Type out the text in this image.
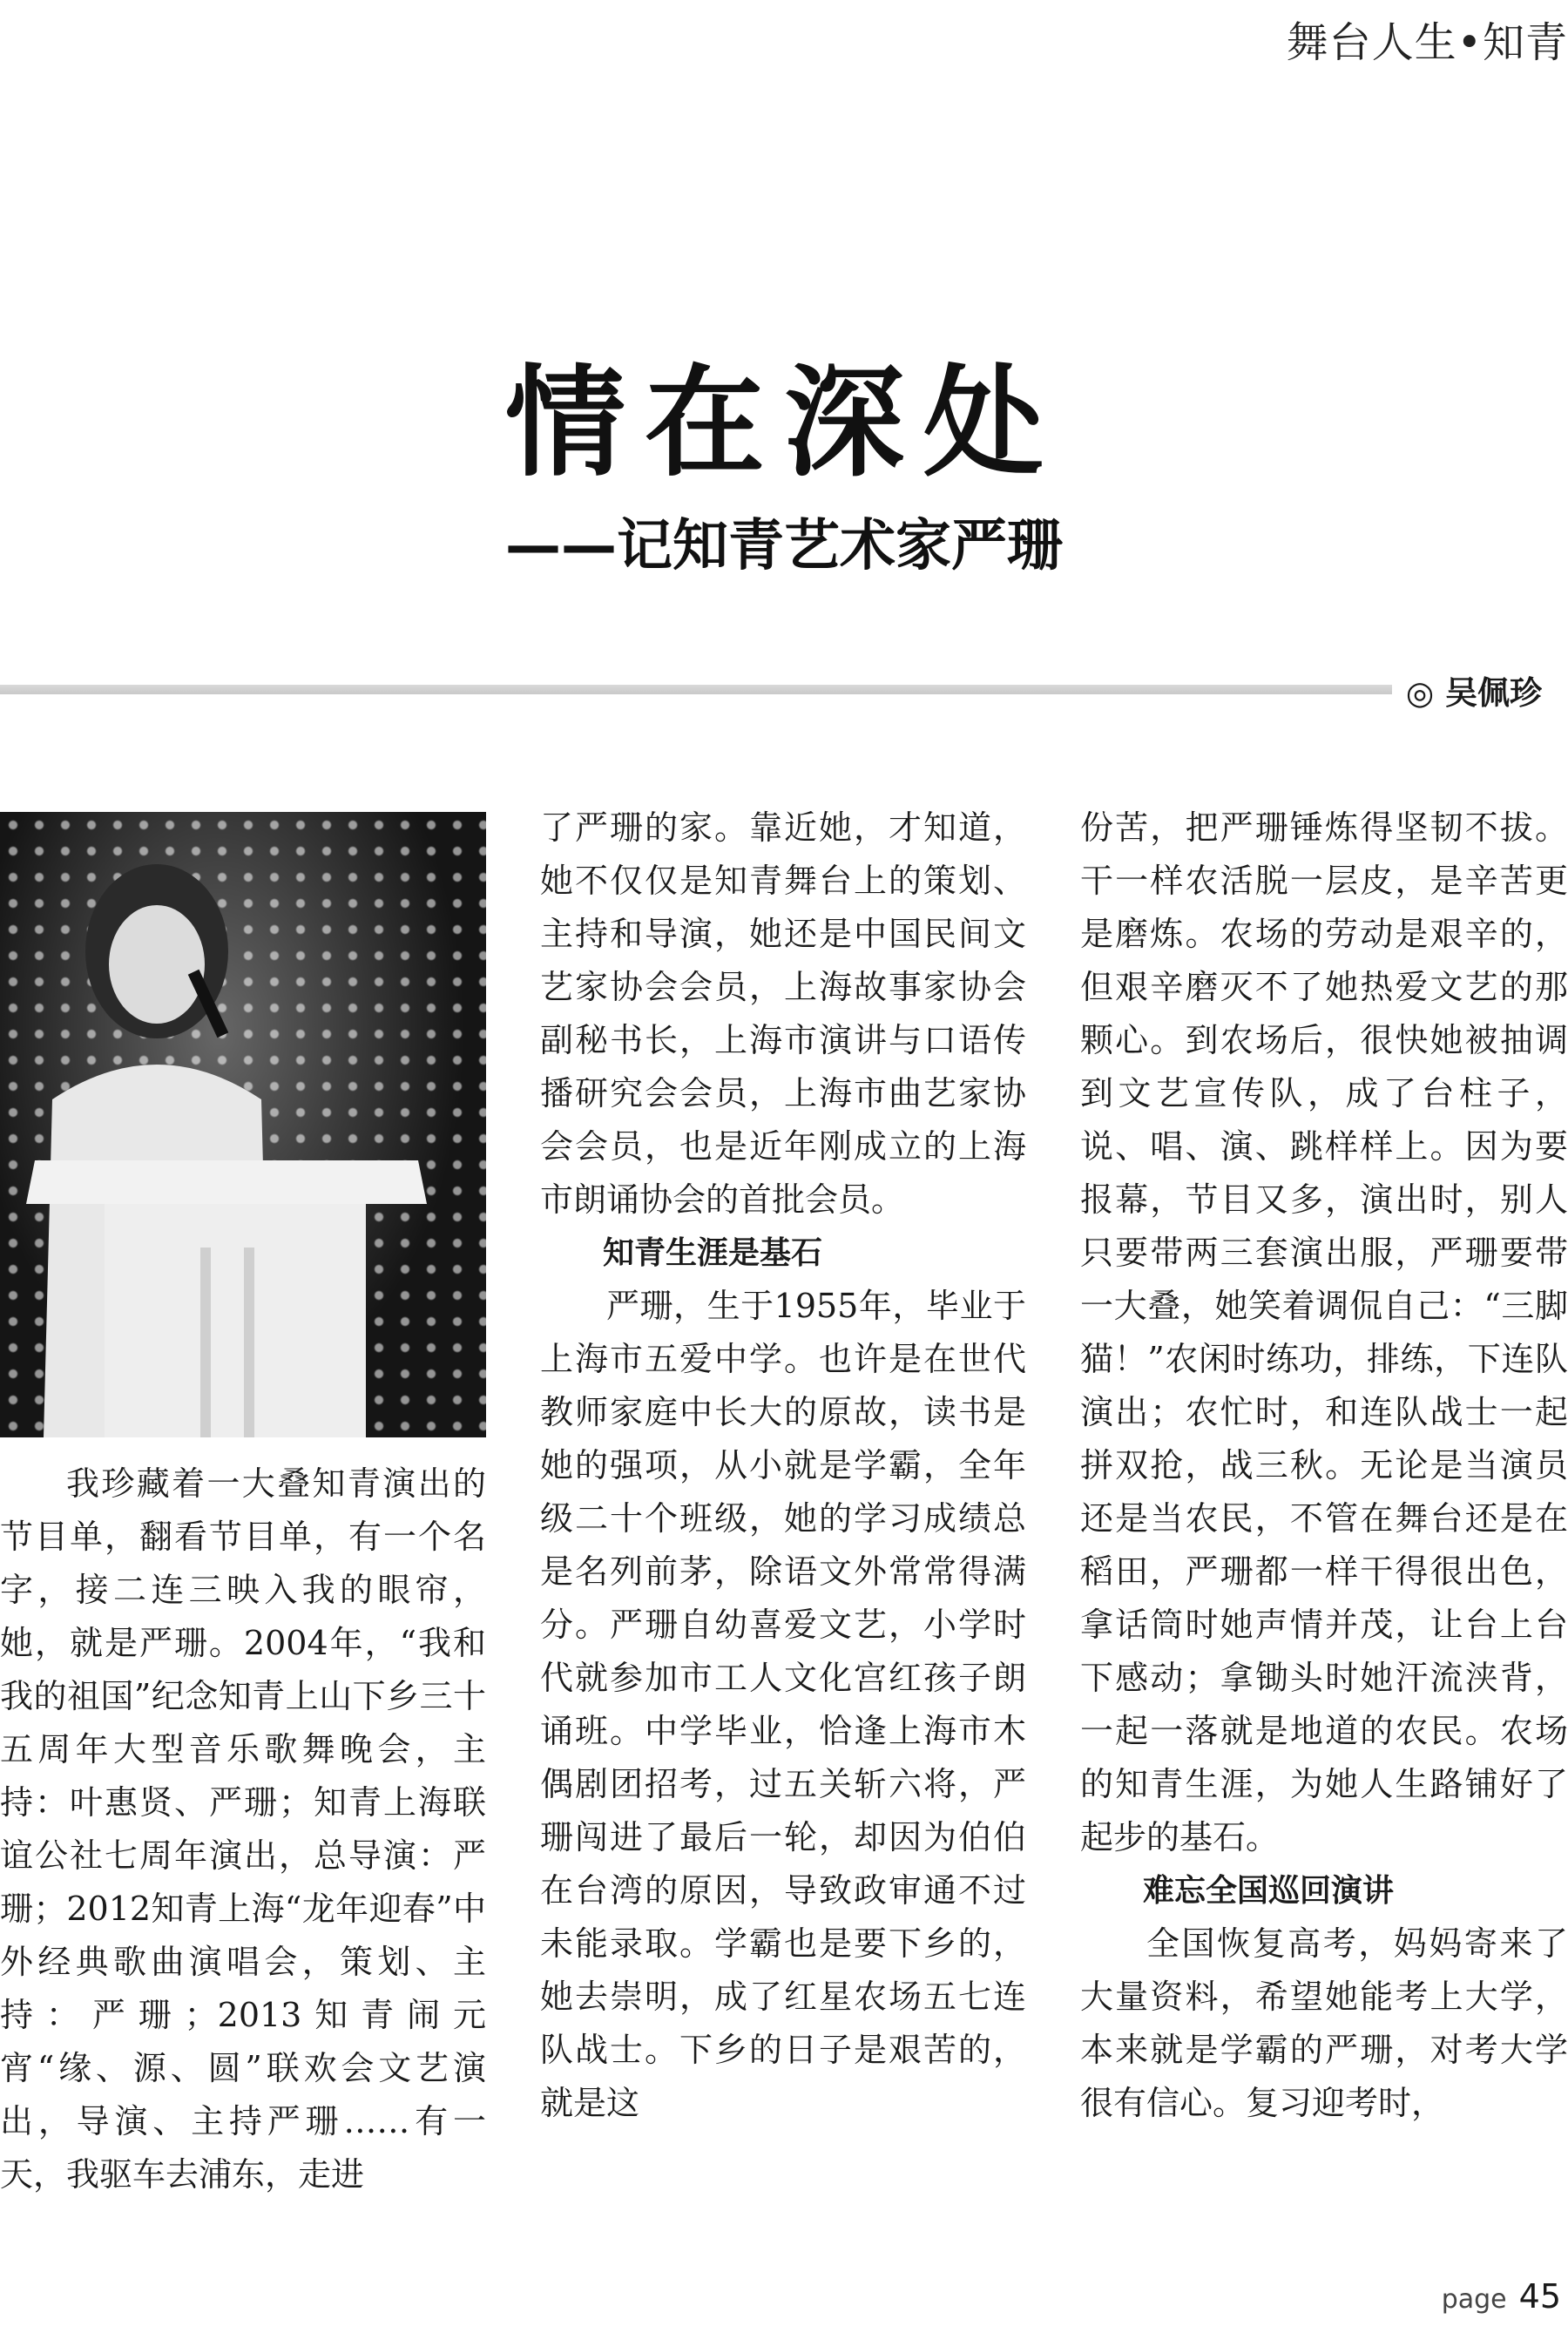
舞台人生•知青
情在深处
——记知青艺术家严珊
◎ 吴佩珍

我珍藏着一大叠知青演出的节目单，翻看节目单，有一个名字，接二连三映入我的眼帘，她，就是严珊。2004年，“我和我的祖国”纪念知青上山下乡三十五周年大型音乐歌舞晚会，主持：叶惠贤、严珊；知青上海联谊公社七周年演出，总导演：严珊；2012知青上海“龙年迎春”中外经典歌曲演唱会，策划、主持：严珊；2013知青闹元宵“缘、源、圆”联欢会文艺演出，导演、主持严珊……有一天，我驱车去浦东，走进

了严珊的家。靠近她，才知道，她不仅仅是知青舞台上的策划、主持和导演，她还是中国民间文艺家协会会员，上海故事家协会副秘书长，上海市演讲与口语传播研究会会员，上海市曲艺家协会会员，也是近年刚成立的上海市朗诵协会的首批会员。

知青生涯是基石

严珊，生于1955年，毕业于上海市五爱中学。也许是在世代教师家庭中长大的原故，读书是她的强项，从小就是学霸，全年级二十个班级，她的学习成绩总是名列前茅，除语文外常常得满分。严珊自幼喜爱文艺，小学时代就参加市工人文化宫红孩子朗诵班。中学毕业，恰逢上海市木偶剧团招考，过五关斩六将，严珊闯进了最后一轮，却因为伯伯在台湾的原因，导致政审通不过未能录取。学霸也是要下乡的，她去崇明，成了红星农场五七连队战士。下乡的日子是艰苦的，就是这

份苦，把严珊锤炼得坚韧不拔。干一样农活脱一层皮，是辛苦更是磨炼。农场的劳动是艰辛的，但艰辛磨灭不了她热爱文艺的那颗心。到农场后，很快她被抽调到文艺宣传队，成了台柱子，说、唱、演、跳样样上。因为要报幕，节目又多，演出时，别人只要带两三套演出服，严珊要带一大叠，她笑着调侃自己：“三脚猫！”农闲时练功，排练，下连队演出；农忙时，和连队战士一起拼双抢，战三秋。无论是当演员还是当农民，不管在舞台还是在稻田，严珊都一样干得很出色，拿话筒时她声情并茂，让台上台下感动；拿锄头时她汗流浃背，一起一落就是地道的农民。农场的知青生涯，为她人生路铺好了起步的基石。

难忘全国巡回演讲

全国恢复高考，妈妈寄来了大量资料，希望她能考上大学，本来就是学霸的严珊，对考大学很有信心。复习迎考时，

page 45
